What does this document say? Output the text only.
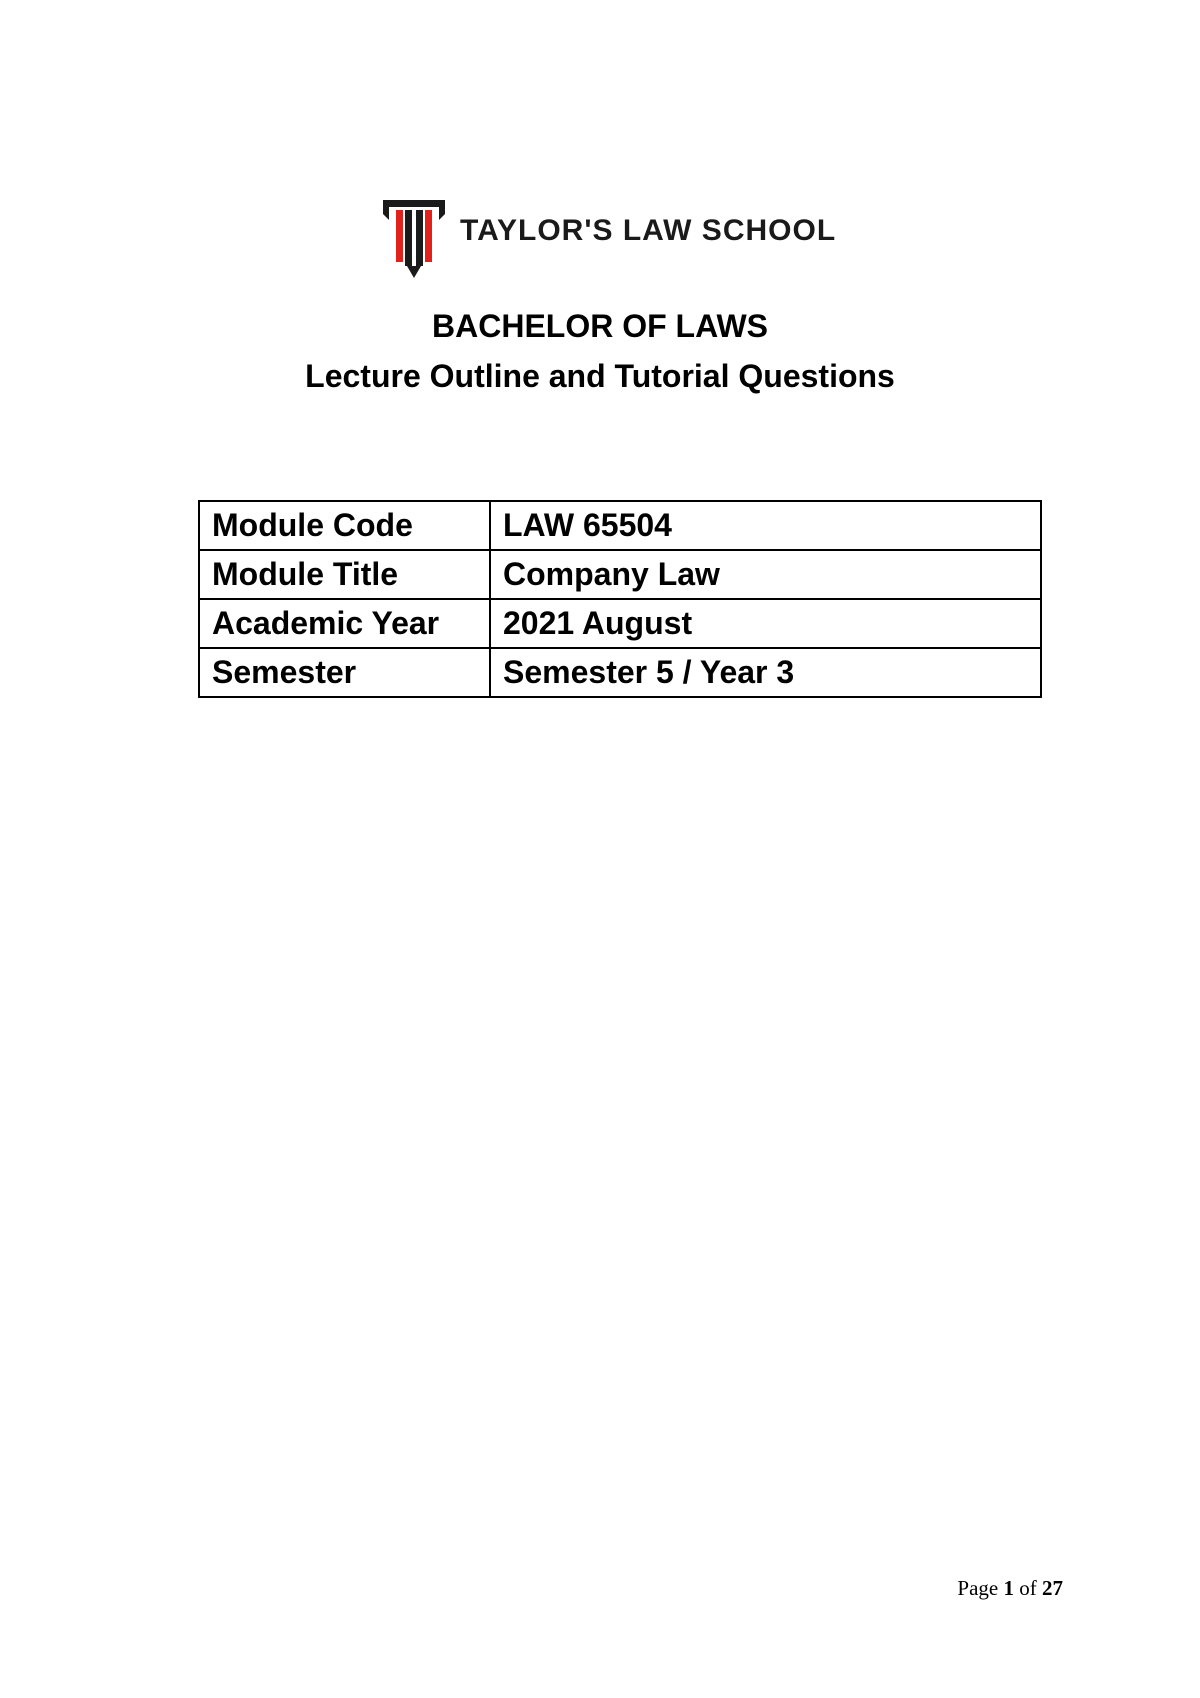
TAYLOR'S LAW SCHOOL
BACHELOR OF LAWS
Lecture Outline and Tutorial Questions
Module Code	LAW 65504
Module Title	Company Law
Academic Year	2021 August
Semester	Semester 5 / Year 3
Page 1 of 27
